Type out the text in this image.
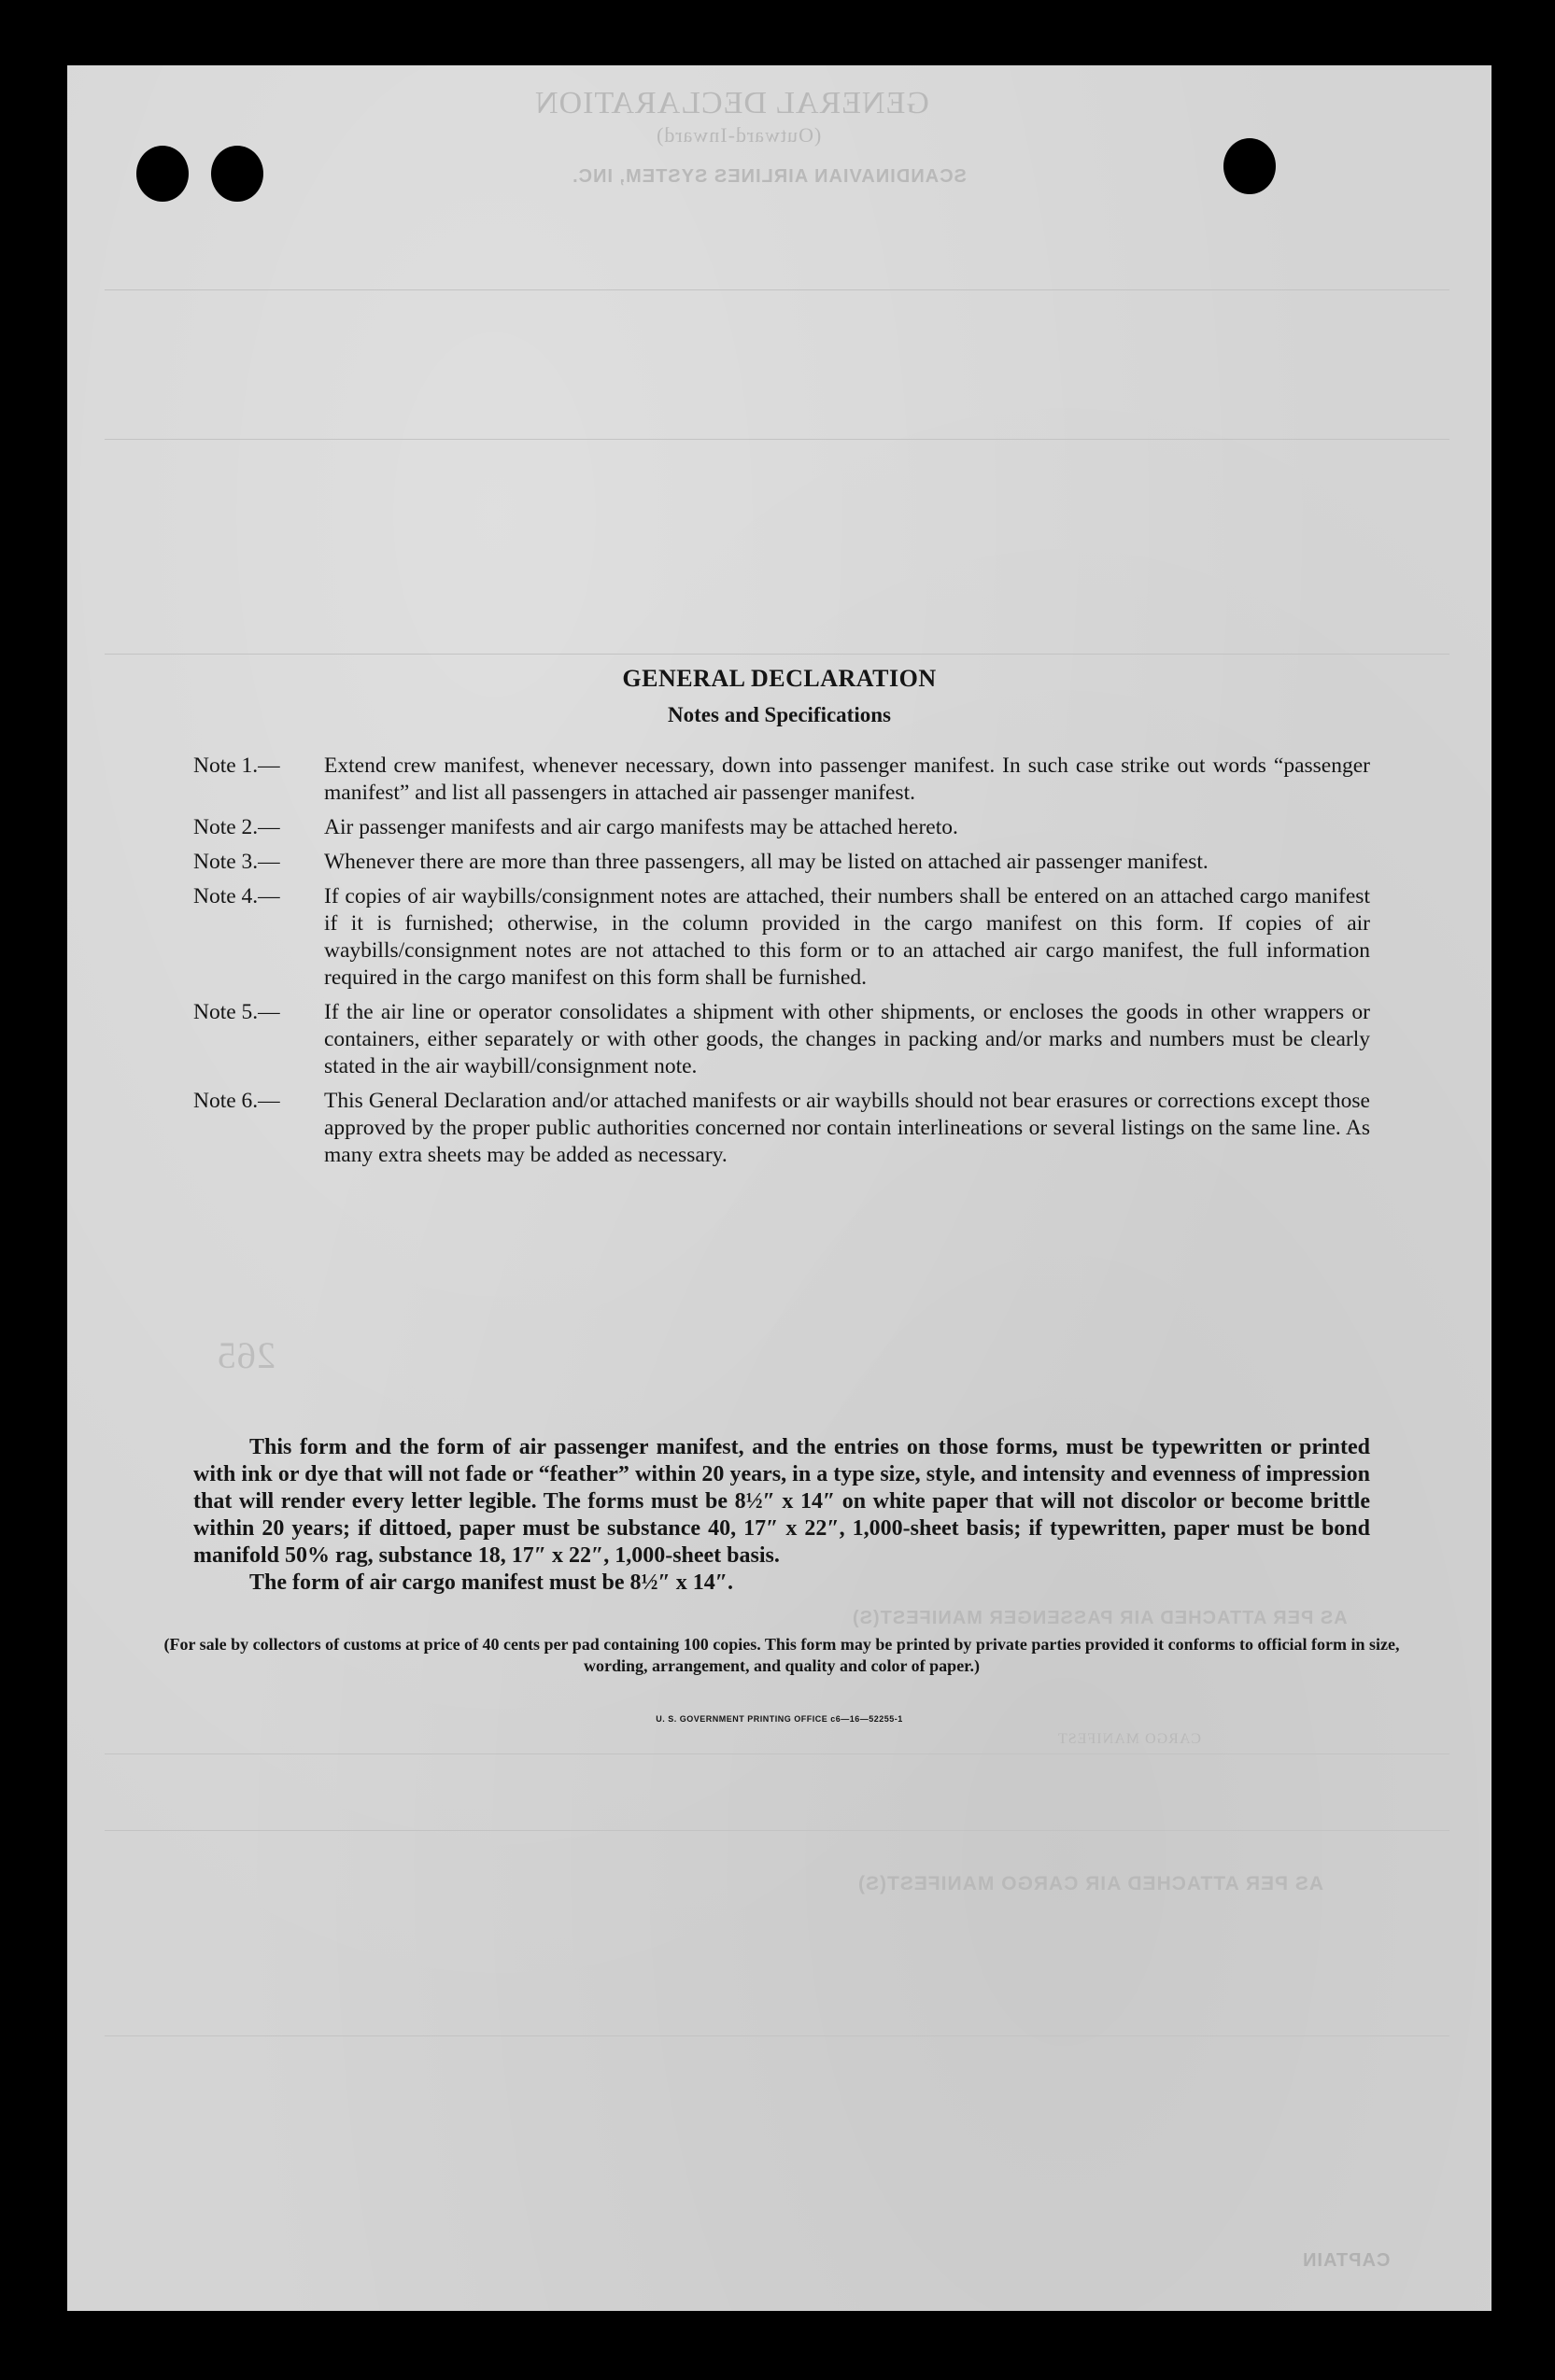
GENERAL DECLARATION
(Outward-Inward)
SCANDINAVIAN AIRLINES SYSTEM, INC.
AS PER ATTACHED AIR PASSENGER MANIFEST(S)
265
CARGO MANIFEST
AS PER ATTACHED AIR CARGO MANIFEST(S)
CAPTAIN
GENERAL DECLARATION
Notes and Specifications
Note 1.—	Extend crew manifest, whenever necessary, down into passenger manifest. In such case strike out words “passenger manifest” and list all passengers in attached air passenger manifest.
Note 2.—	Air passenger manifests and air cargo manifests may be attached hereto.
Note 3.—	Whenever there are more than three passengers, all may be listed on attached air passenger manifest.
Note 4.—	If copies of air waybills/consignment notes are attached, their numbers shall be entered on an attached cargo manifest if it is furnished; otherwise, in the column provided in the cargo manifest on this form. If copies of air waybills/consignment notes are not attached to this form or to an attached air cargo manifest, the full information required in the cargo manifest on this form shall be furnished.
Note 5.—	If the air line or operator consolidates a shipment with other shipments, or encloses the goods in other wrappers or containers, either separately or with other goods, the changes in packing and/or marks and numbers must be clearly stated in the air waybill/consignment note.
Note 6.—	This General Declaration and/or attached manifests or air waybills should not bear erasures or corrections except those approved by the proper public authorities concerned nor contain interlineations or several listings on the same line. As many extra sheets may be added as necessary.

This form and the form of air passenger manifest, and the entries on those forms, must be typewritten or printed with ink or dye that will not fade or “feather” within 20 years, in a type size, style, and intensity and evenness of impression that will render every letter legible. The forms must be 8½″ x 14″ on white paper that will not discolor or become brittle within 20 years; if dittoed, paper must be substance 40, 17″ x 22″, 1,000-sheet basis; if typewritten, paper must be bond manifold 50% rag, substance 18, 17″ x 22″, 1,000-sheet basis.

The form of air cargo manifest must be 8½″ x 14″.

(For sale by collectors of customs at price of 40 cents per pad containing 100 copies. This form may be printed by private parties provided it conforms to official form in size, wording, arrangement, and quality and color of paper.)
U. S. GOVERNMENT PRINTING OFFICE c6—16—52255-1
